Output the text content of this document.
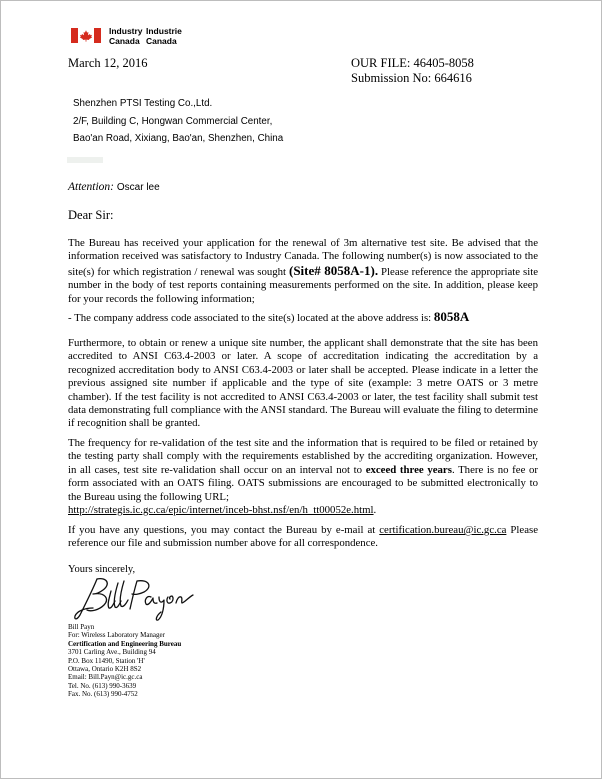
Industry Industrie
Canada Canada
March 12, 2016	OUR FILE: 46405-8058
Submission No: 664616
Shenzhen PTSI Testing Co.,Ltd.
2/F, Building C, Hongwan Commercial Center,
Bao'an Road, Xixiang, Bao'an, Shenzhen, China
Attention: Oscar lee
Dear Sir:
The Bureau has received your application for the renewal of 3m alternative test site. Be advised that the information received was satisfactory to Industry Canada. The following number(s) is now associated to the site(s) for which registration / renewal was sought (Site# 8058A-1). Please reference the appropriate site number in the body of test reports containing measurements performed on the site. In addition, please keep for your records the following information;
- The company address code associated to the site(s) located at the above address is: 8058A
Furthermore, to obtain or renew a unique site number, the applicant shall demonstrate that the site has been accredited to ANSI C63.4-2003 or later. A scope of accreditation indicating the accreditation by a recognized accreditation body to ANSI C63.4-2003 or later shall be accepted. Please indicate in a letter the previous assigned site number if applicable and the type of site (example: 3 metre OATS or 3 metre chamber). If the test facility is not accredited to ANSI C63.4-2003 or later, the test facility shall submit test data demonstrating full compliance with the ANSI standard. The Bureau will evaluate the filing to determine if recognition shall be granted.
The frequency for re-validation of the test site and the information that is required to be filed or retained by the testing party shall comply with the requirements established by the accrediting organization. However, in all cases, test site re-validation shall occur on an interval not to exceed three years. There is no fee or form associated with an OATS filing. OATS submissions are encouraged to be submitted electronically to the Bureau using the following URL;
http://strategis.ic.gc.ca/epic/internet/inceb-bhst.nsf/en/h_tt00052e.html.
If you have any questions, you may contact the Bureau by e-mail at certification.bureau@ic.gc.ca Please reference our file and submission number above for all correspondence.
Yours sincerely,
Bill Payn
For: Wireless Laboratory Manager
Certification and Engineering Bureau
3701 Carling Ave., Building 94
P.O. Box 11490, Station 'H'
Ottawa, Ontario K2H 8S2
Email: Bill.Payn@ic.gc.ca
Tel. No. (613) 990-3639
Fax. No. (613) 990-4752
